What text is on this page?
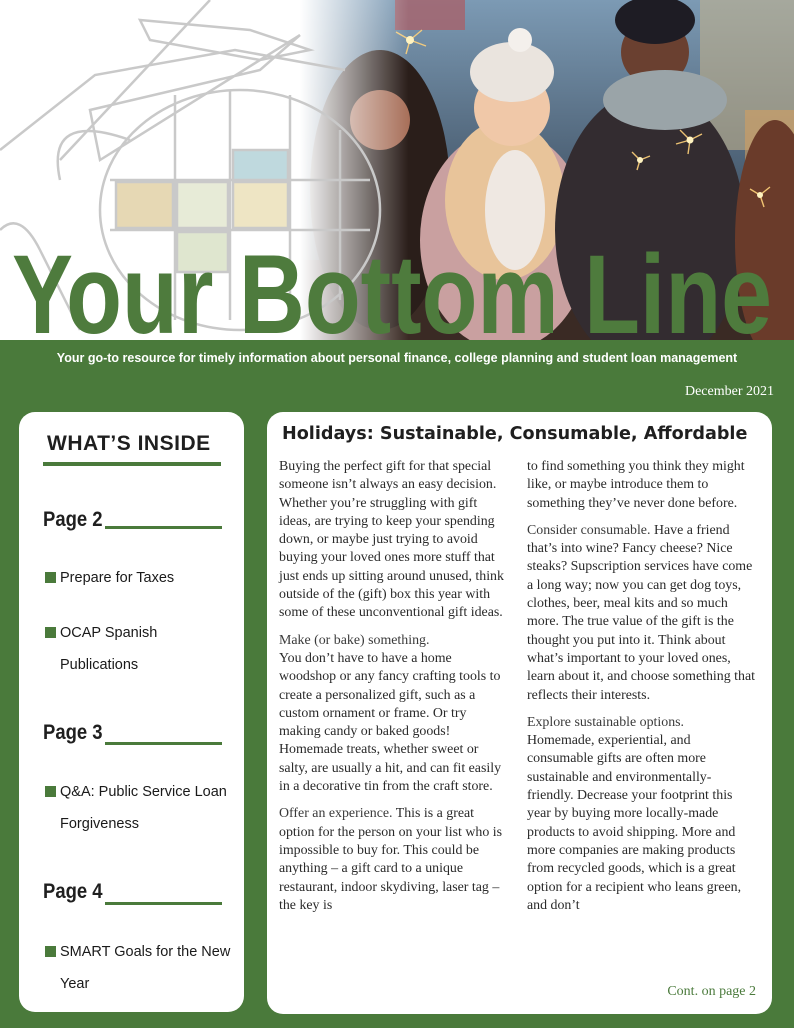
Your Bottom Line
Your go-to resource for timely information about personal finance, college planning and student loan management
December 2021
WHAT’S INSIDE
Page 2
Prepare for Taxes
OCAP Spanish Publications
Page 3
Q&A: Public Service Loan Forgiveness
Page 4
SMART Goals for the New Year
Holidays: Sustainable, Consumable, Affordable

Buying the perfect gift for that special someone isn’t always an easy decision. Whether you’re struggling with gift ideas, are trying to keep your spending down, or maybe just trying to avoid buying your loved ones more stuff that just ends up sitting around unused, think outside of the (gift) box this year with some of these unconventional gift ideas.

Make (or bake) something.
You don’t have to have a home woodshop or any fancy crafting tools to create a personalized gift, such as a custom ornament or frame. Or try making candy or baked goods! Homemade treats, whether sweet or salty, are usually a hit, and can fit easily in a decorative tin from the craft store.

Offer an experience. This is a great option for the person on your list who is impossible to buy for. This could be anything – a gift card to a unique restaurant, indoor skydiving, laser tag – the key is

to find something you think they might like, or maybe introduce them to something they’ve never done before.

Consider consumable. Have a friend that’s into wine? Fancy cheese? Nice steaks? Supscription services have come a long way; now you can get dog toys, clothes, beer, meal kits and so much more. The true value of the gift is the thought you put into it. Think about what’s important to your loved ones, learn about it, and choose something that reflects their interests.

Explore sustainable options.
Homemade, experiential, and consumable gifts are often more sustainable and environmentally-friendly. Decrease your footprint this year by buying more locally-made products to avoid shipping. More and more companies are making products from recycled goods, which is a great option for a recipient who leans green, and don’t

Cont. on page 2
